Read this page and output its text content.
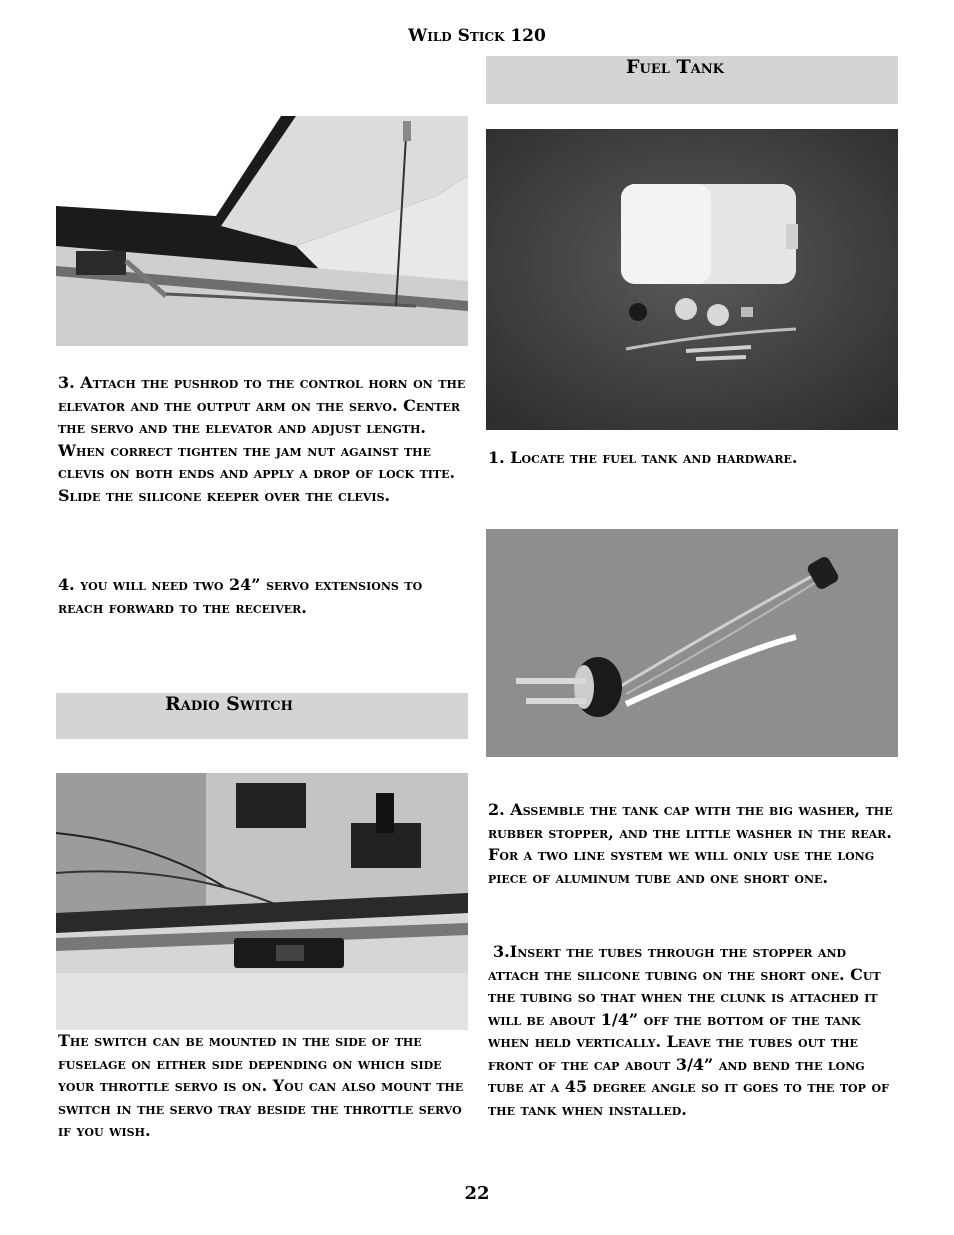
Wild Stick 120
Fuel Tank

3. Attach the pushrod to the control horn on the elevator and the output arm on the servo. Center the servo and the elevator and adjust length. When correct tighten the jam nut against the clevis on both ends and apply a drop of lock tite. Slide the silicone keeper over the clevis.

4. you will need two 24” servo extensions to reach forward to the receiver.

1. Locate the fuel tank and hardware.

Radio Switch

The switch can be mounted in the side of the fuselage on either side depending on which side your throttle servo is on. You can also mount the switch in the servo tray beside the throttle servo if you wish.

2. Assemble the tank cap with the big washer, the rubber stopper, and the little washer in the rear. For a two line system we will only use the long piece of aluminum tube and one short one.

3.Insert the tubes through the stopper and attach the silicone tubing on the short one. Cut the tubing so that when the clunk is attached it will be about 1/4” off the bottom of the tank when held vertically. Leave the tubes out the front of the cap about 3/4” and bend the long tube at a 45 degree angle so it goes to the top of the tank when installed.

22
